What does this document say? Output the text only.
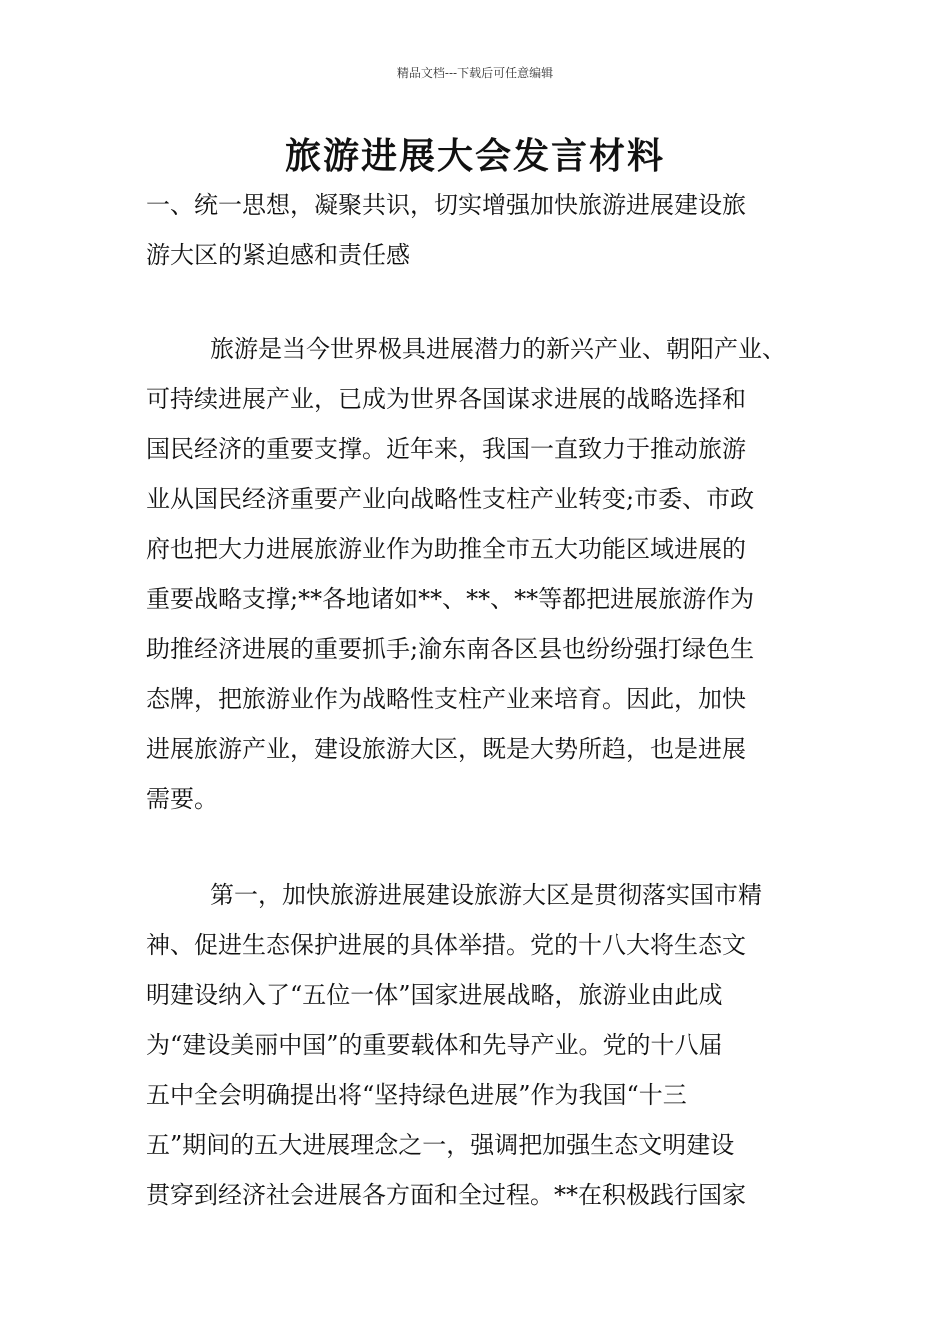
精品文档---下载后可任意编辑
旅游进展大会发言材料
一、统一思想，凝聚共识，切实增强加快旅游进展建设旅
游大区的紧迫感和责任感
旅游是当今世界极具进展潜力的新兴产业、朝阳产业、
可持续进展产业，已成为世界各国谋求进展的战略选择和
国民经济的重要支撑。近年来，我国一直致力于推动旅游
业从国民经济重要产业向战略性支柱产业转变;市委、市政
府也把大力进展旅游业作为助推全市五大功能区域进展的
重要战略支撑;**各地诸如**、**、**等都把进展旅游作为
助推经济进展的重要抓手;渝东南各区县也纷纷强打绿色生
态牌，把旅游业作为战略性支柱产业来培育。因此，加快
进展旅游产业，建设旅游大区，既是大势所趋，也是进展
需要。
第一，加快旅游进展建设旅游大区是贯彻落实国市精
神、促进生态保护进展的具体举措。党的十八大将生态文
明建设纳入了“五位一体”国家进展战略，旅游业由此成
为“建设美丽中国”的重要载体和先导产业。党的十八届
五中全会明确提出将“坚持绿色进展”作为我国“十三
五”期间的五大进展理念之一，强调把加强生态文明建设
贯穿到经济社会进展各方面和全过程。**在积极践行国家
